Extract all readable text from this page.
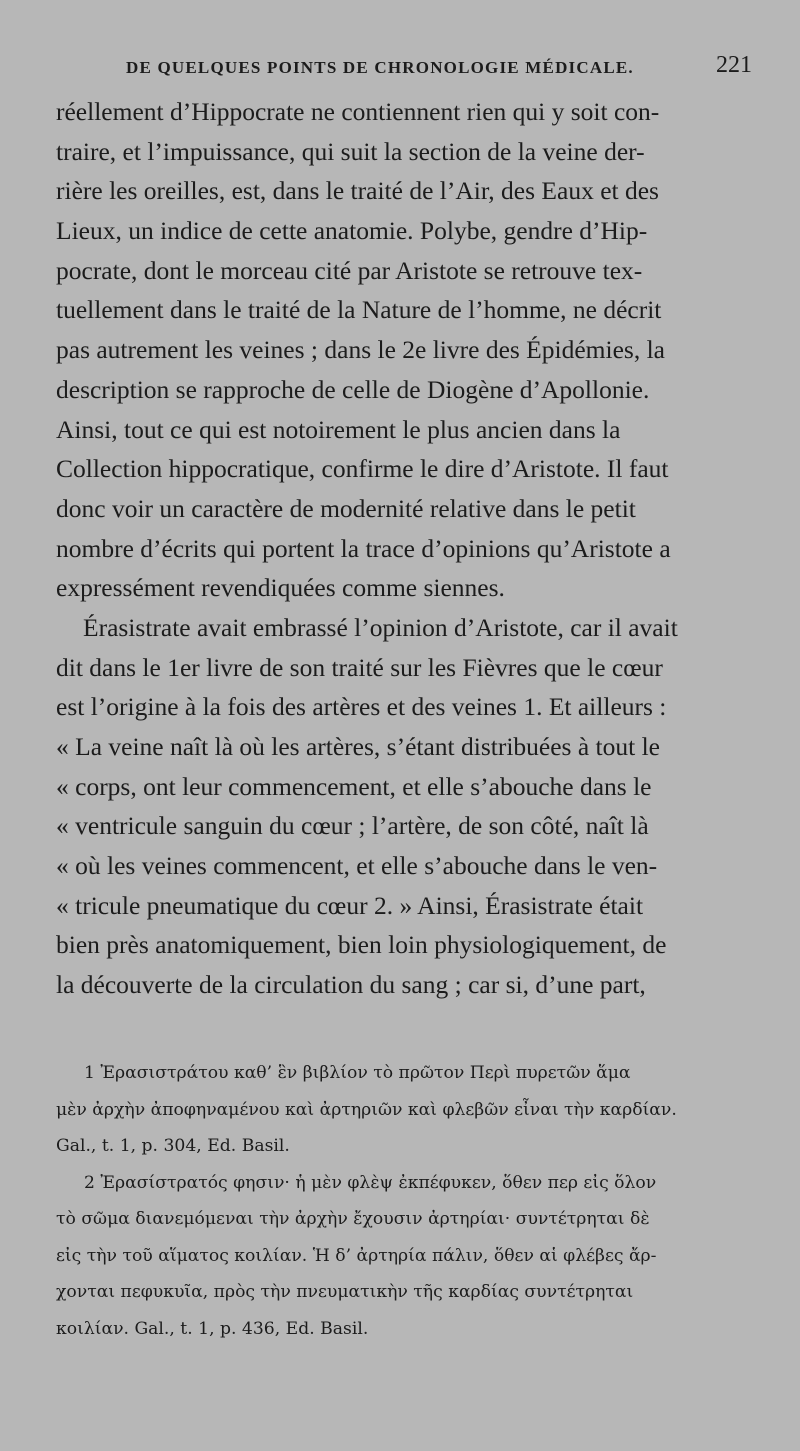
DE QUELQUES POINTS DE CHRONOLOGIE MÉDICALE.	221
réellement d’Hippocrate ne contiennent rien qui y soit con-
traire, et l’impuissance, qui suit la section de la veine der-
rière les oreilles, est, dans le traité de l’Air, des Eaux et des
Lieux, un indice de cette anatomie. Polybe, gendre d’Hip-
pocrate, dont le morceau cité par Aristote se retrouve tex-
tuellement dans le traité de la Nature de l’homme, ne décrit
pas autrement les veines ; dans le 2e livre des Épidémies, la
description se rapproche de celle de Diogène d’Apollonie.
Ainsi, tout ce qui est notoirement le plus ancien dans la
Collection hippocratique, confirme le dire d’Aristote. Il faut
donc voir un caractère de modernité relative dans le petit
nombre d’écrits qui portent la trace d’opinions qu’Aristote a
expressément revendiquées comme siennes.
Érasistrate avait embrassé l’opinion d’Aristote, car il avait
dit dans le 1er livre de son traité sur les Fièvres que le cœur
est l’origine à la fois des artères et des veines 1. Et ailleurs :
« La veine naît là où les artères, s’étant distribuées à tout le
« corps, ont leur commencement, et elle s’abouche dans le
« ventricule sanguin du cœur ; l’artère, de son côté, naît là
« où les veines commencent, et elle s’abouche dans le ven-
« tricule pneumatique du cœur 2. » Ainsi, Érasistrate était
bien près anatomiquement, bien loin physiologiquement, de
la découverte de la circulation du sang ; car si, d’une part,
1 Ἐρασιστράτου καθ’ ἓν βιβλίον τὸ πρῶτον Περὶ πυρετῶν ἅμα
μὲν ἀρχὴν ἀποφηναμένου καὶ ἀρτηριῶν καὶ φλεβῶν εἶναι τὴν καρδίαν.
Gal., t. 1, p. 304, Ed. Basil.
2 Ἐρασίστρατός φησιν· ἡ μὲν φλὲψ ἐκπέφυκεν, ὅθεν περ εἰς ὅλον
τὸ σῶμα διανεμόμεναι τὴν ἀρχὴν ἔχουσιν ἀρτηρίαι· συντέτρηται δὲ
εἰς τὴν τοῦ αἵματος κοιλίαν. Ἡ δ’ ἀρτηρία πάλιν, ὅθεν αἱ φλέβες ἄρ-
χονται πεφυκυῖα, πρὸς τὴν πνευματικὴν τῆς καρδίας συντέτρηται
κοιλίαν. Gal., t. 1, p. 436, Ed. Basil.
